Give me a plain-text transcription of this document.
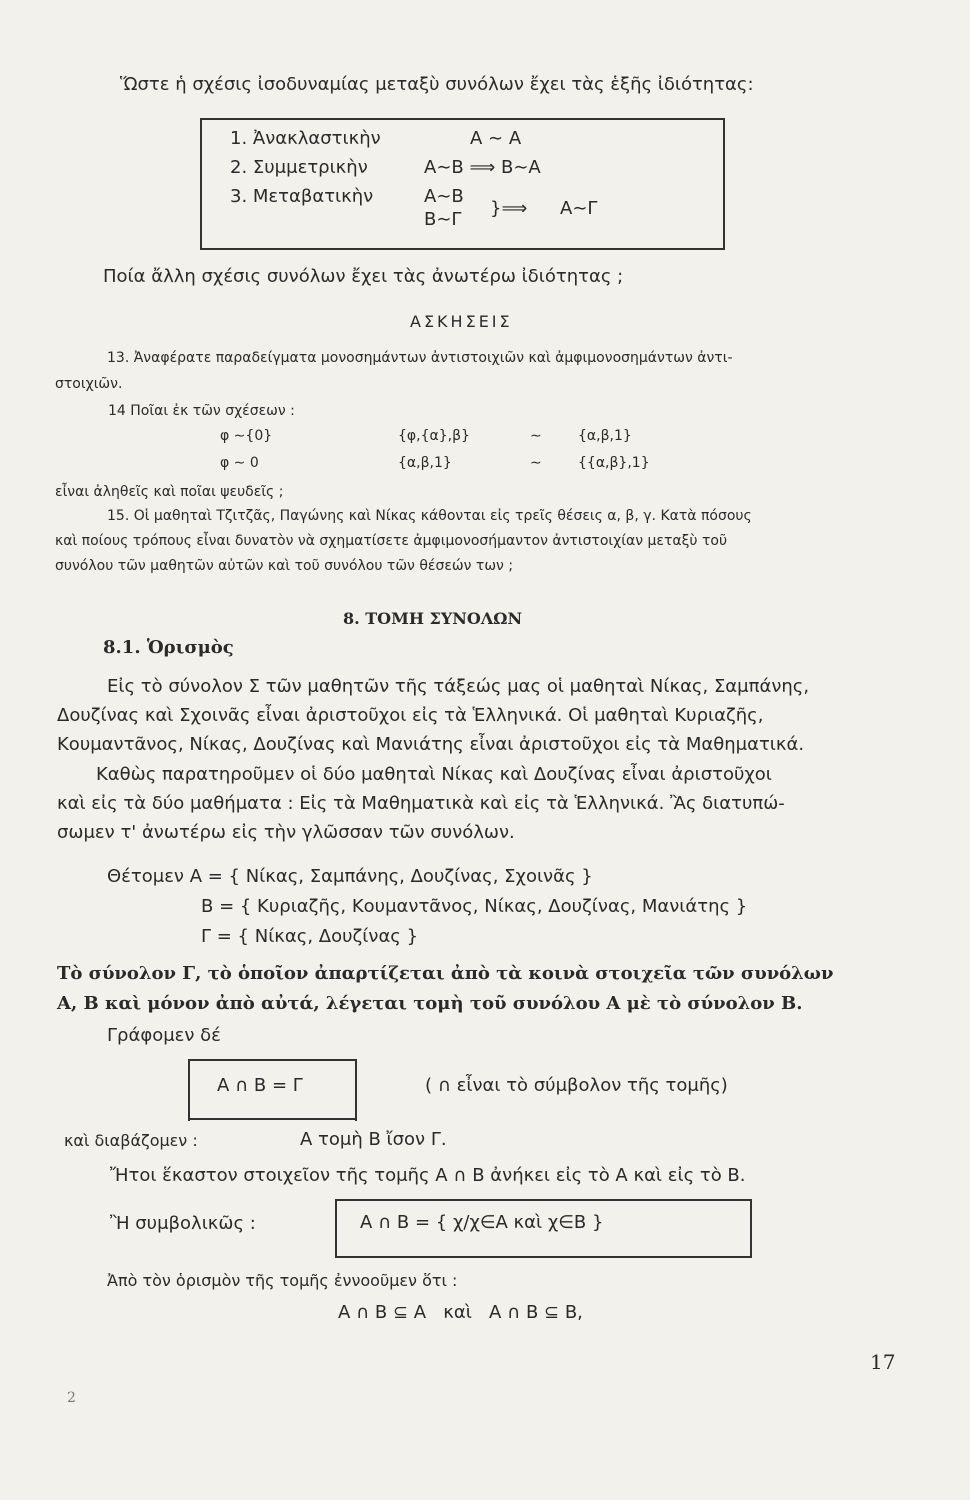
Ὥστε ἡ σχέσις ἰσοδυναμίας μεταξὺ συνόλων ἔχει τὰς ἑξῆς ἰδιότητας:
1. Ἀνακλαστικὴν	A ∼ A
2. Συμμετρικὴν	A∼B ⟹ B∼A
3. Μεταβατικὴν	A∼B
B∼Γ
}⟹ A∼Γ
Ποία ἄλλη σχέσις συνόλων ἔχει τὰς ἀνωτέρω ἰδιότητας ;
ΑΣΚΗΣΕΙΣ
13. Ἀναφέρατε παραδείγματα μονοσημάντων ἀντιστοιχιῶν καὶ ἀμφιμονοσημάντων ἀντι-
στοιχιῶν.
14 Ποῖαι ἐκ τῶν σχέσεων :
φ ∼{0}	{φ,{α},β}	∼	{α,β,1}
φ ∼ 0	{α,β,1}	∼	{{α,β},1}
εἶναι ἀληθεῖς καὶ ποῖαι ψευδεῖς ;
15. Οἱ μαθηταὶ Τζιτζᾶς, Παγώνης καὶ Νίκας κάθονται εἰς τρεῖς θέσεις α, β, γ. Κατὰ πόσους
καὶ ποίους τρόπους εἶναι δυνατὸν νὰ σχηματίσετε ἀμφιμονοσήμαντον ἀντιστοιχίαν μεταξὺ τοῦ
συνόλου τῶν μαθητῶν αὐτῶν καὶ τοῦ συνόλου τῶν θέσεών των ;
8. ΤΟΜΗ ΣΥΝΟΛΩΝ
8.1. Ὁρισμὸς
Εἰς τὸ σύνολον Σ τῶν μαθητῶν τῆς τάξεώς μας οἱ μαθηταὶ Νίκας, Σαμπάνης,
Δουζίνας καὶ Σχοινᾶς εἶναι ἀριστοῦχοι εἰς τὰ Ἑλληνικά. Οἱ μαθηταὶ Κυριαζῆς,
Κουμαντᾶνος, Νίκας, Δουζίνας καὶ Μανιάτης εἶναι ἀριστοῦχοι εἰς τὰ Μαθηματικά.
Καθὼς παρατηροῦμεν οἱ δύο μαθηταὶ Νίκας καὶ Δουζίνας εἶναι ἀριστοῦχοι
καὶ εἰς τὰ δύο μαθήματα : Εἰς τὰ Μαθηματικὰ καὶ εἰς τὰ Ἑλληνικά. Ἂς διατυπώ-
σωμεν τ' ἀνωτέρω εἰς τὴν γλῶσσαν τῶν συνόλων.
Θέτομεν A = { Νίκας, Σαμπάνης, Δουζίνας, Σχοινᾶς }
B = { Κυριαζῆς, Κουμαντᾶνος, Νίκας, Δουζίνας, Μανιάτης }
Γ = { Νίκας, Δουζίνας }
Τὸ σύνολον Γ, τὸ ὁποῖον ἀπαρτίζεται ἀπὸ τὰ κοινὰ στοιχεῖα τῶν συνόλων
Α, Β καὶ μόνον ἀπὸ αὐτά, λέγεται τομὴ τοῦ συνόλου Α μὲ τὸ σύνολον Β.
Γράφομεν δέ
A ∩ B = Γ	( ∩ εἶναι τὸ σύμβολον τῆς τομῆς)
καὶ διαβάζομεν :	A τομὴ B ἴσον Γ.
Ἤτοι ἕκαστον στοιχεῖον τῆς τομῆς A ∩ B ἀνήκει εἰς τὸ A καὶ εἰς τὸ B.
Ἢ συμβολικῶς :	A ∩ B = { χ/χ∈A καὶ χ∈B }
Ἀπὸ τὸν ὁρισμὸν τῆς τομῆς ἐννοοῦμεν ὅτι :
A ∩ B ⊆ A   καὶ   A ∩ B ⊆ B,
17
2
